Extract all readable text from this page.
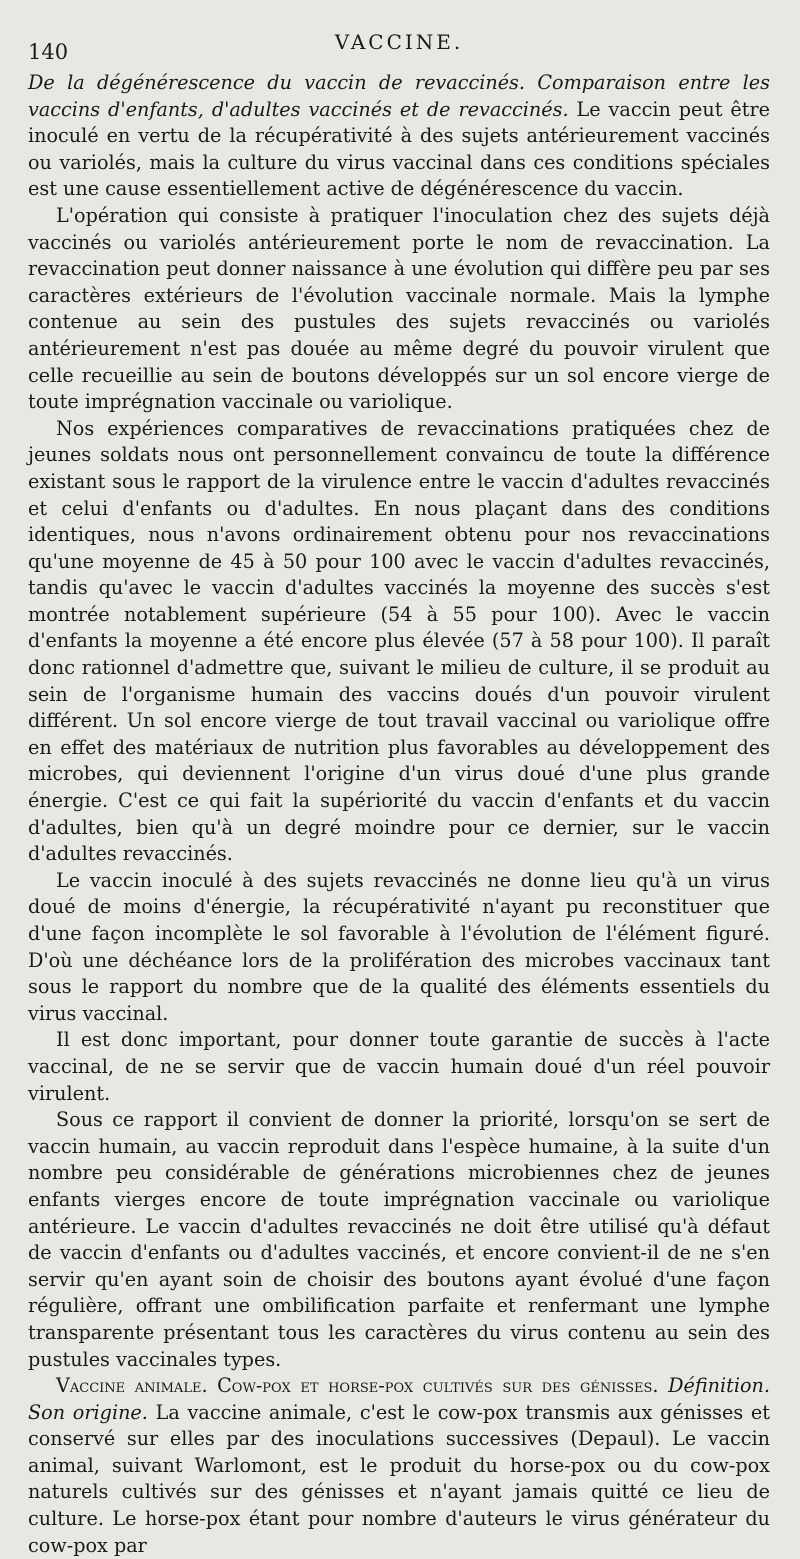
140	VACCINE.

De la dégénérescence du vaccin de revaccinés. Comparaison entre les vaccins d'enfants, d'adultes vaccinés et de revaccinés. Le vaccin peut être inoculé en vertu de la récupérativité à des sujets antérieurement vaccinés ou variolés, mais la culture du virus vaccinal dans ces conditions spéciales est une cause essentiellement active de dégénérescence du vaccin.

L'opération qui consiste à pratiquer l'inoculation chez des sujets déjà vaccinés ou variolés antérieurement porte le nom de revaccination. La revaccination peut donner naissance à une évolution qui diffère peu par ses caractères extérieurs de l'évolution vaccinale normale. Mais la lymphe contenue au sein des pustules des sujets revaccinés ou variolés antérieurement n'est pas douée au même degré du pouvoir virulent que celle recueillie au sein de boutons développés sur un sol encore vierge de toute imprégnation vaccinale ou variolique.

Nos expériences comparatives de revaccinations pratiquées chez de jeunes soldats nous ont personnellement convaincu de toute la différence existant sous le rapport de la virulence entre le vaccin d'adultes revaccinés et celui d'enfants ou d'adultes. En nous plaçant dans des conditions identiques, nous n'avons ordinairement obtenu pour nos revaccinations qu'une moyenne de 45 à 50 pour 100 avec le vaccin d'adultes revaccinés, tandis qu'avec le vaccin d'adultes vaccinés la moyenne des succès s'est montrée notablement supérieure (54 à 55 pour 100). Avec le vaccin d'enfants la moyenne a été encore plus élevée (57 à 58 pour 100). Il paraît donc rationnel d'admettre que, suivant le milieu de culture, il se produit au sein de l'organisme humain des vaccins doués d'un pouvoir virulent différent. Un sol encore vierge de tout travail vaccinal ou variolique offre en effet des matériaux de nutrition plus favorables au développement des microbes, qui deviennent l'origine d'un virus doué d'une plus grande énergie. C'est ce qui fait la supériorité du vaccin d'enfants et du vaccin d'adultes, bien qu'à un degré moindre pour ce dernier, sur le vaccin d'adultes revaccinés.

Le vaccin inoculé à des sujets revaccinés ne donne lieu qu'à un virus doué de moins d'énergie, la récupérativité n'ayant pu reconstituer que d'une façon incomplète le sol favorable à l'évolution de l'élément figuré. D'où une déchéance lors de la prolifération des microbes vaccinaux tant sous le rapport du nombre que de la qualité des éléments essentiels du virus vaccinal.

Il est donc important, pour donner toute garantie de succès à l'acte vaccinal, de ne se servir que de vaccin humain doué d'un réel pouvoir virulent.

Sous ce rapport il convient de donner la priorité, lorsqu'on se sert de vaccin humain, au vaccin reproduit dans l'espèce humaine, à la suite d'un nombre peu considérable de générations microbiennes chez de jeunes enfants vierges encore de toute imprégnation vaccinale ou variolique antérieure. Le vaccin d'adultes revaccinés ne doit être utilisé qu'à défaut de vaccin d'enfants ou d'adultes vaccinés, et encore convient-il de ne s'en servir qu'en ayant soin de choisir des boutons ayant évolué d'une façon régulière, offrant une ombilification parfaite et renfermant une lymphe transparente présentant tous les caractères du virus contenu au sein des pustules vaccinales types.

Vaccine animale. Cow-pox et horse-pox cultivés sur des génisses. Définition. Son origine. La vaccine animale, c'est le cow-pox transmis aux génisses et conservé sur elles par des inoculations successives (Depaul). Le vaccin animal, suivant Warlomont, est le produit du horse-pox ou du cow-pox naturels cultivés sur des génisses et n'ayant jamais quitté ce lieu de culture. Le horse-pox étant pour nombre d'auteurs le virus générateur du cow-pox par
